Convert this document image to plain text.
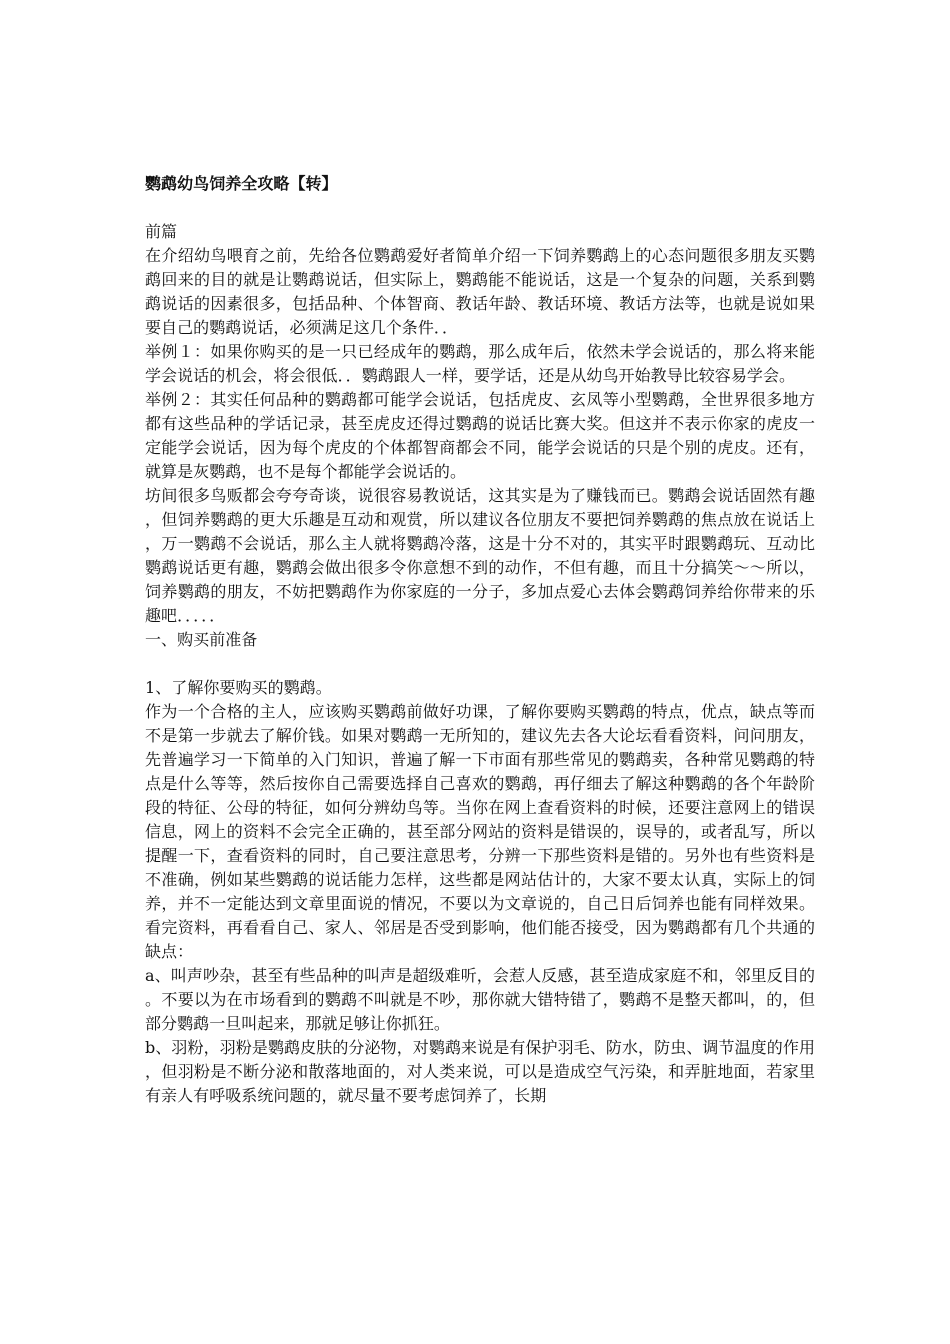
鹦鹉幼鸟饲养全攻略【转】

前篇

在介绍幼鸟喂育之前，先给各位鹦鹉爱好者简单介绍一下饲养鹦鹉上的心态问题很多朋友买鹦鹉回来的目的就是让鹦鹉说话，但实际上，鹦鹉能不能说话，这是一个复杂的问题，关系到鹦鹉说话的因素很多，包括品种、个体智商、教话年龄、教话环境、教话方法等，也就是说如果要自己的鹦鹉说话，必须满足这几个条件．．

举例１：如果你购买的是一只已经成年的鹦鹉，那么成年后，依然未学会说话的，那么将来能学会说话的机会，将会很低．．鹦鹉跟人一样，要学话，还是从幼鸟开始教导比较容易学会。

举例２：其实任何品种的鹦鹉都可能学会说话，包括虎皮、玄凤等小型鹦鹉，全世界很多地方都有这些品种的学话记录，甚至虎皮还得过鹦鹉的说话比赛大奖。但这并不表示你家的虎皮一定能学会说话，因为每个虎皮的个体都智商都会不同，能学会说话的只是个别的虎皮。还有，就算是灰鹦鹉，也不是每个都能学会说话的。

坊间很多鸟贩都会夸夸奇谈，说很容易教说话，这其实是为了赚钱而已。鹦鹉会说话固然有趣，但饲养鹦鹉的更大乐趣是互动和观赏，所以建议各位朋友不要把饲养鹦鹉的焦点放在说话上，万一鹦鹉不会说话，那么主人就将鹦鹉冷落，这是十分不对的，其实平时跟鹦鹉玩、互动比鹦鹉说话更有趣，鹦鹉会做出很多令你意想不到的动作，不但有趣，而且十分搞笑～～所以，饲养鹦鹉的朋友，不妨把鹦鹉作为你家庭的一分子，多加点爱心去体会鹦鹉饲养给你带来的乐趣吧．．．．．

一、购买前准备

1、了解你要购买的鹦鹉。

作为一个合格的主人，应该购买鹦鹉前做好功课，了解你要购买鹦鹉的特点，优点，缺点等而不是第一步就去了解价钱。如果对鹦鹉一无所知的，建议先去各大论坛看看资料，问问朋友，先普遍学习一下简单的入门知识，普遍了解一下市面有那些常见的鹦鹉卖，各种常见鹦鹉的特点是什么等等，然后按你自己需要选择自己喜欢的鹦鹉，再仔细去了解这种鹦鹉的各个年龄阶段的特征、公母的特征，如何分辨幼鸟等。当你在网上查看资料的时候，还要注意网上的错误信息，网上的资料不会完全正确的，甚至部分网站的资料是错误的，误导的，或者乱写，所以提醒一下，查看资料的同时，自己要注意思考，分辨一下那些资料是错的。另外也有些资料是不准确，例如某些鹦鹉的说话能力怎样，这些都是网站估计的，大家不要太认真，实际上的饲养，并不一定能达到文章里面说的情况，不要以为文章说的，自己日后饲养也能有同样效果。看完资料，再看看自己、家人、邻居是否受到影响，他们能否接受，因为鹦鹉都有几个共通的缺点：

a、叫声吵杂，甚至有些品种的叫声是超级难听，会惹人反感，甚至造成家庭不和，邻里反目的。不要以为在市场看到的鹦鹉不叫就是不吵，那你就大错特错了，鹦鹉不是整天都叫，的，但部分鹦鹉一旦叫起来，那就足够让你抓狂。

b、羽粉，羽粉是鹦鹉皮肤的分泌物，对鹦鹉来说是有保护羽毛、防水，防虫、调节温度的作用，但羽粉是不断分泌和散落地面的，对人类来说，可以是造成空气污染，和弄脏地面，若家里有亲人有呼吸系统问题的，就尽量不要考虑饲养了，长期
